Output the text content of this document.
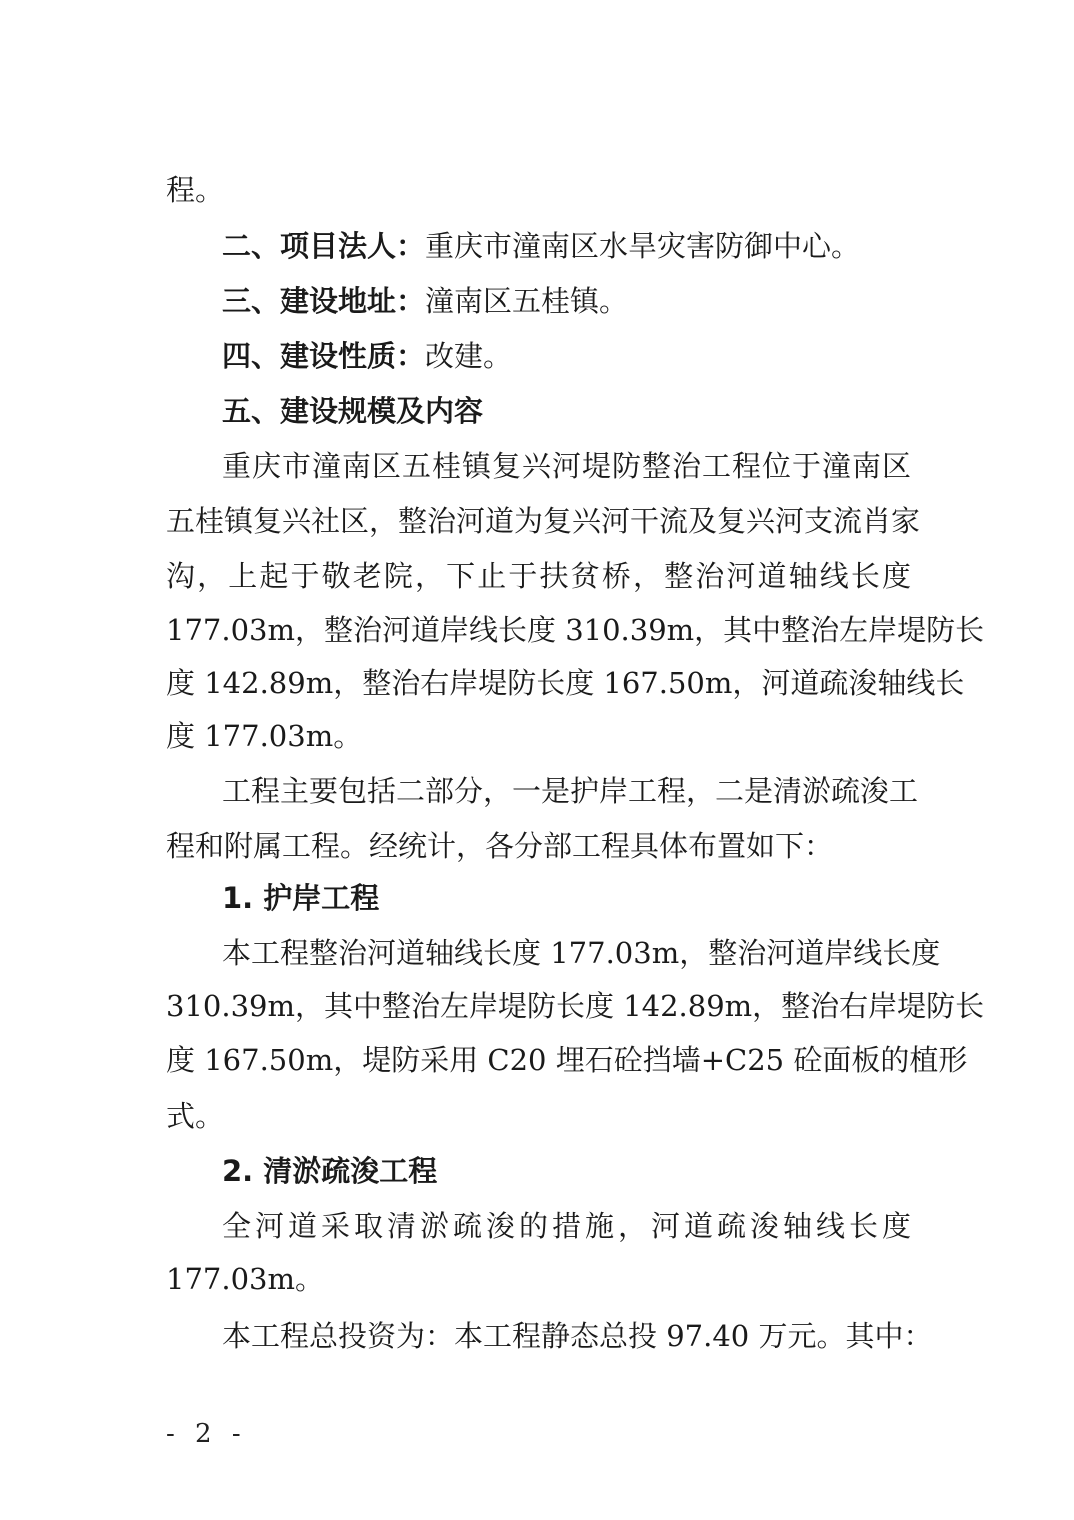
程。
二、项目法人：重庆市潼南区水旱灾害防御中心。
三、建设地址：潼南区五桂镇。
四、建设性质：改建。
五、建设规模及内容
重庆市潼南区五桂镇复兴河堤防整治工程位于潼南区
五桂镇复兴社区，整治河道为复兴河干流及复兴河支流肖家
沟，上起于敬老院，下止于扶贫桥，整治河道轴线长度
177.03m，整治河道岸线长度 310.39m，其中整治左岸堤防长
度 142.89m，整治右岸堤防长度 167.50m，河道疏浚轴线长
度 177.03m。
工程主要包括二部分，一是护岸工程，二是清淤疏浚工
程和附属工程。经统计，各分部工程具体布置如下：
1. 护岸工程
本工程整治河道轴线长度 177.03m，整治河道岸线长度
310.39m，其中整治左岸堤防长度 142.89m，整治右岸堤防长
度 167.50m，堤防采用 C20 埋石砼挡墙+C25 砼面板的植形
式。
2. 清淤疏浚工程
全河道采取清淤疏浚的措施，河道疏浚轴线长度
177.03m。
本工程总投资为：本工程静态总投 97.40 万元。其中：
- 2 -
